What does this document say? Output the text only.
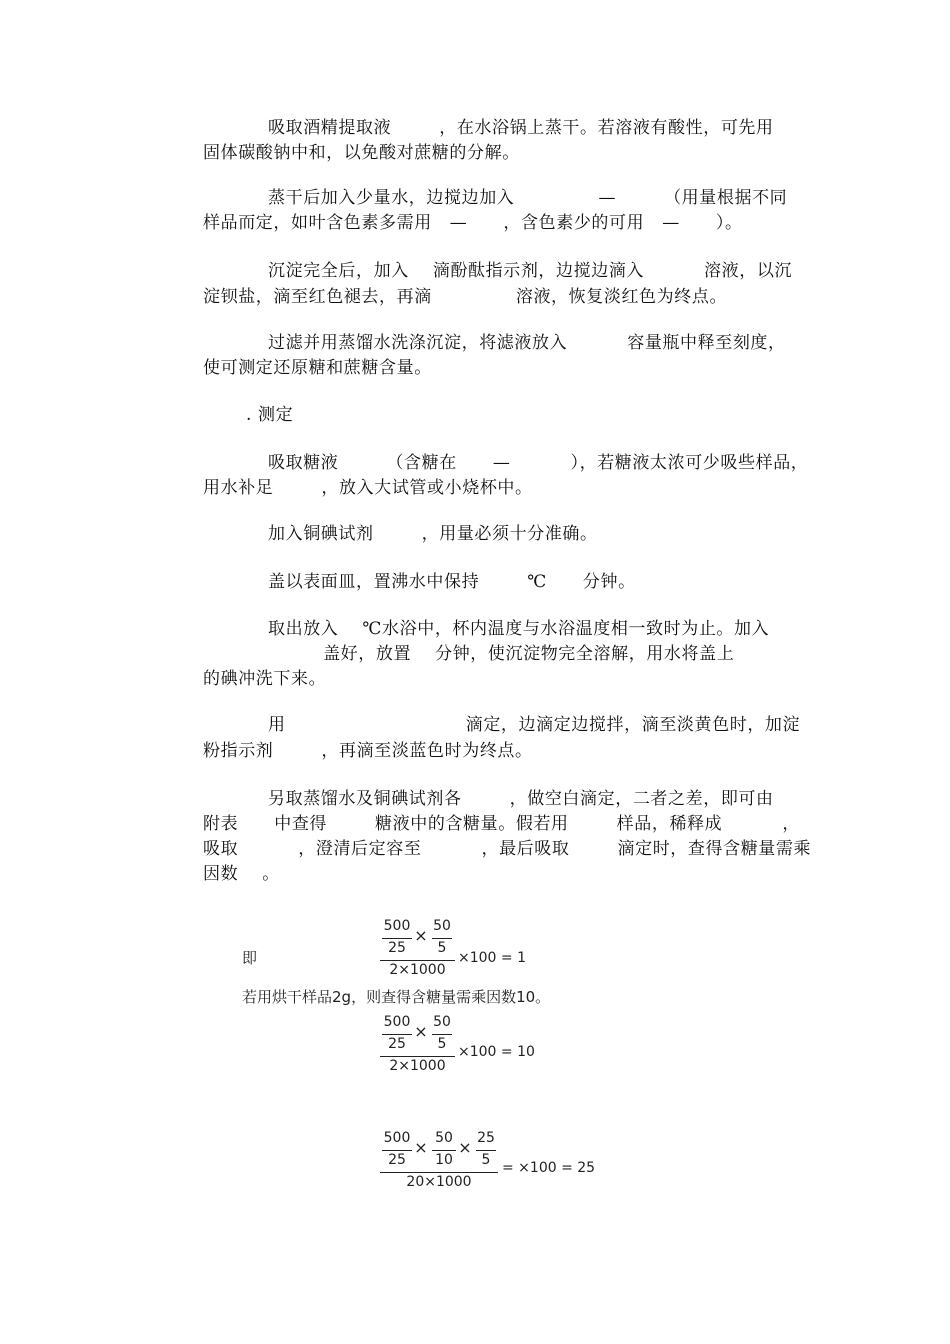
吸取酒精提取液        ，在水浴锅上蒸干。若溶液有酸性，可先用
固体碳酸钠中和，以免酸对蔗糖的分解。
蒸干后加入少量水，边搅边加入              —        （用量根据不同
样品而定，如叶含色素多需用   —      ，含色素少的可用   —      ）。
沉淀完全后，加入    滴酚酞指示剂，边搅边滴入          溶液，以沉
淀钡盐，滴至红色褪去，再滴              溶液，恢复淡红色为终点。
过滤并用蒸馏水洗涤沉淀，将滤液放入          容量瓶中释至刻度，
使可测定还原糖和蔗糖含量。
. 测定
吸取糖液        （含糖在      —          ），若糖液太浓可少吸些样品，
用水补足        ，放入大试管或小烧杯中。
加入铜碘试剂        ，用量必须十分准确。
盖以表面皿，置沸水中保持        ℃      分钟。
取出放入    ℃水浴中，杯内温度与水浴温度相一致时为止。加入
盖好，放置    分钟，使沉淀物完全溶解，用水将盖上
的碘冲洗下来。
用                              滴定，边滴定边搅拌，滴至淡黄色时，加淀
粉指示剂        ，再滴至淡蓝色时为终点。
另取蒸馏水及铜碘试剂各        ，做空白滴定，二者之差，即可由
附表      中查得        糖液中的含糖量。假若用        样品，稀释成          ，
吸取          ，澄清后定容至          ，最后吸取        滴定时，查得含糖量需乘
因数    。
即
500
25
× 50
5
2×1000
×100 = 1
若用烘干样品2g，则查得含糖量需乘因数10。
500
25
× 50
5
2×1000
×100 = 10
500
25
× 50
10
× 25
5
20×1000
= ×100 = 25
